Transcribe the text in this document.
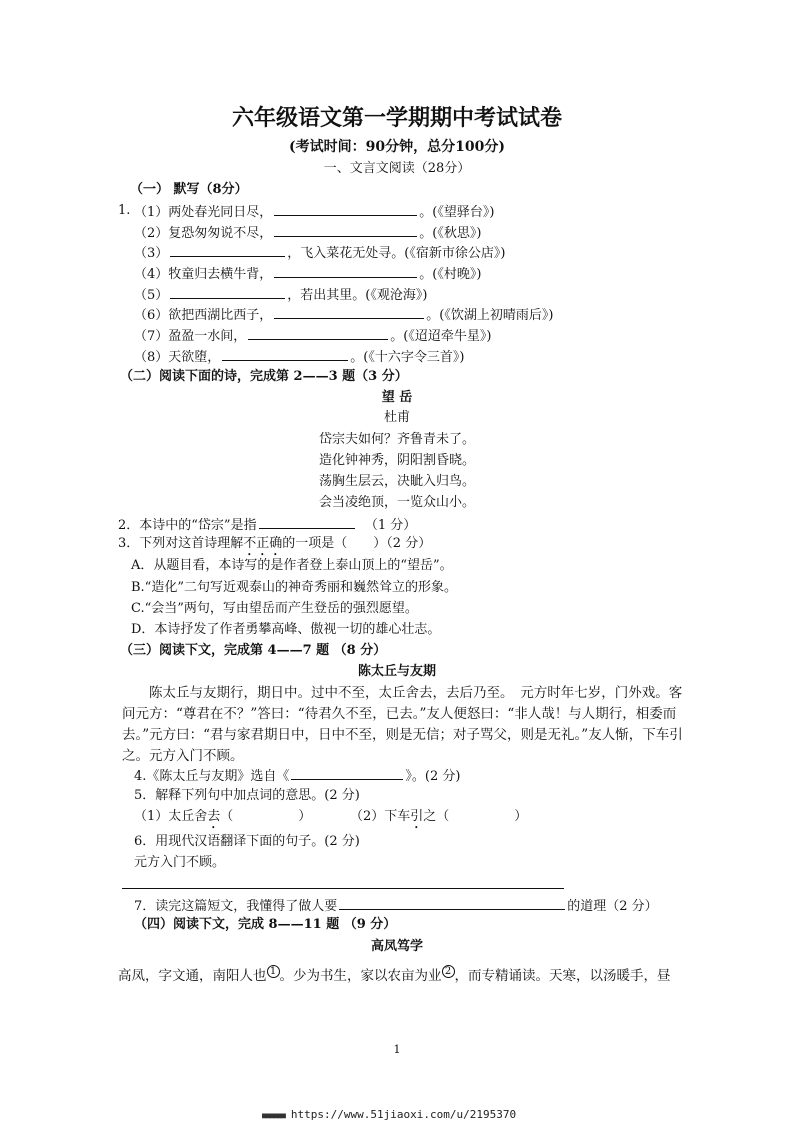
六年级语文第一学期期中考试试卷
(考试时间：90分钟，总分100分)
一、文言文阅读（28分）
（一） 默写（8分）
1. （1）两处春光同日尽，	。(《望驿台》)
（2）复恐匆匆说不尽，	。(《秋思》)
（3）	，飞入菜花无处寻。(《宿新市徐公店》)
（4）牧童归去横牛背，	。(《村晚》)
（5）	，若出其里。(《观沧海》)
（6）欲把西湖比西子，	。(《饮湖上初晴雨后》)
（7）盈盈一水间，	。(《迢迢牵牛星》)
（8）天欲堕，	。(《十六字令三首》)
（二）阅读下面的诗，完成第 2——3 题（3 分）
望 岳
杜甫
岱宗夫如何？齐鲁青未了。
造化钟神秀，阴阳割昏晓。
荡胸生层云，决眦入归鸟。
会当凌绝顶，一览众山小。
2．本诗中的“岱宗”是指	（1 分）
3．下列对这首诗理解不正确的一项是（　　）（2 分）
A．从题目看，本诗写的是作者登上泰山顶上的“望岳”。
B.“造化”二句写近观泰山的神奇秀丽和巍然耸立的形象。
C.“会当”两句，写由望岳而产生登岳的强烈愿望。
D．本诗抒发了作者勇攀高峰、傲视一切的雄心壮志。
（三）阅读下文，完成第 4——7 题 （8 分）
陈太丘与友期
　　陈太丘与友期行，期日中。过中不至，太丘舍去，去后乃至。　元方时年七岁，门外戏。客问元方：“尊君在不？”答曰：“待君久不至，已去。”友人便怒曰：“非人哉！与人期行，相委而去。”元方曰：“君与家君期日中，日中不至，则是无信；对子骂父，则是无礼。”友人惭，下车引之。元方入门不顾。
4.《陈太丘与友期》选自《	》。(2 分)
5．解释下列句中加点词的意思。(2 分)
（1）太丘舍去（　　　　　）	（2）下车引之（　　　　　）
6．用现代汉语翻译下面的句子。(2 分)
元方入门不顾。
7．读完这篇短文，我懂得了做人要	的道理（2 分）
（四）阅读下文，完成 8——11 题 （9 分）
高凤笃学
高凤，字文通，南阳人也 1 。少为书生，家以农亩为业 2 ，而专精诵读。天寒，以汤暖手，昼
1
■■■■■■ https://www.51jiaoxi.com/u/2195370
